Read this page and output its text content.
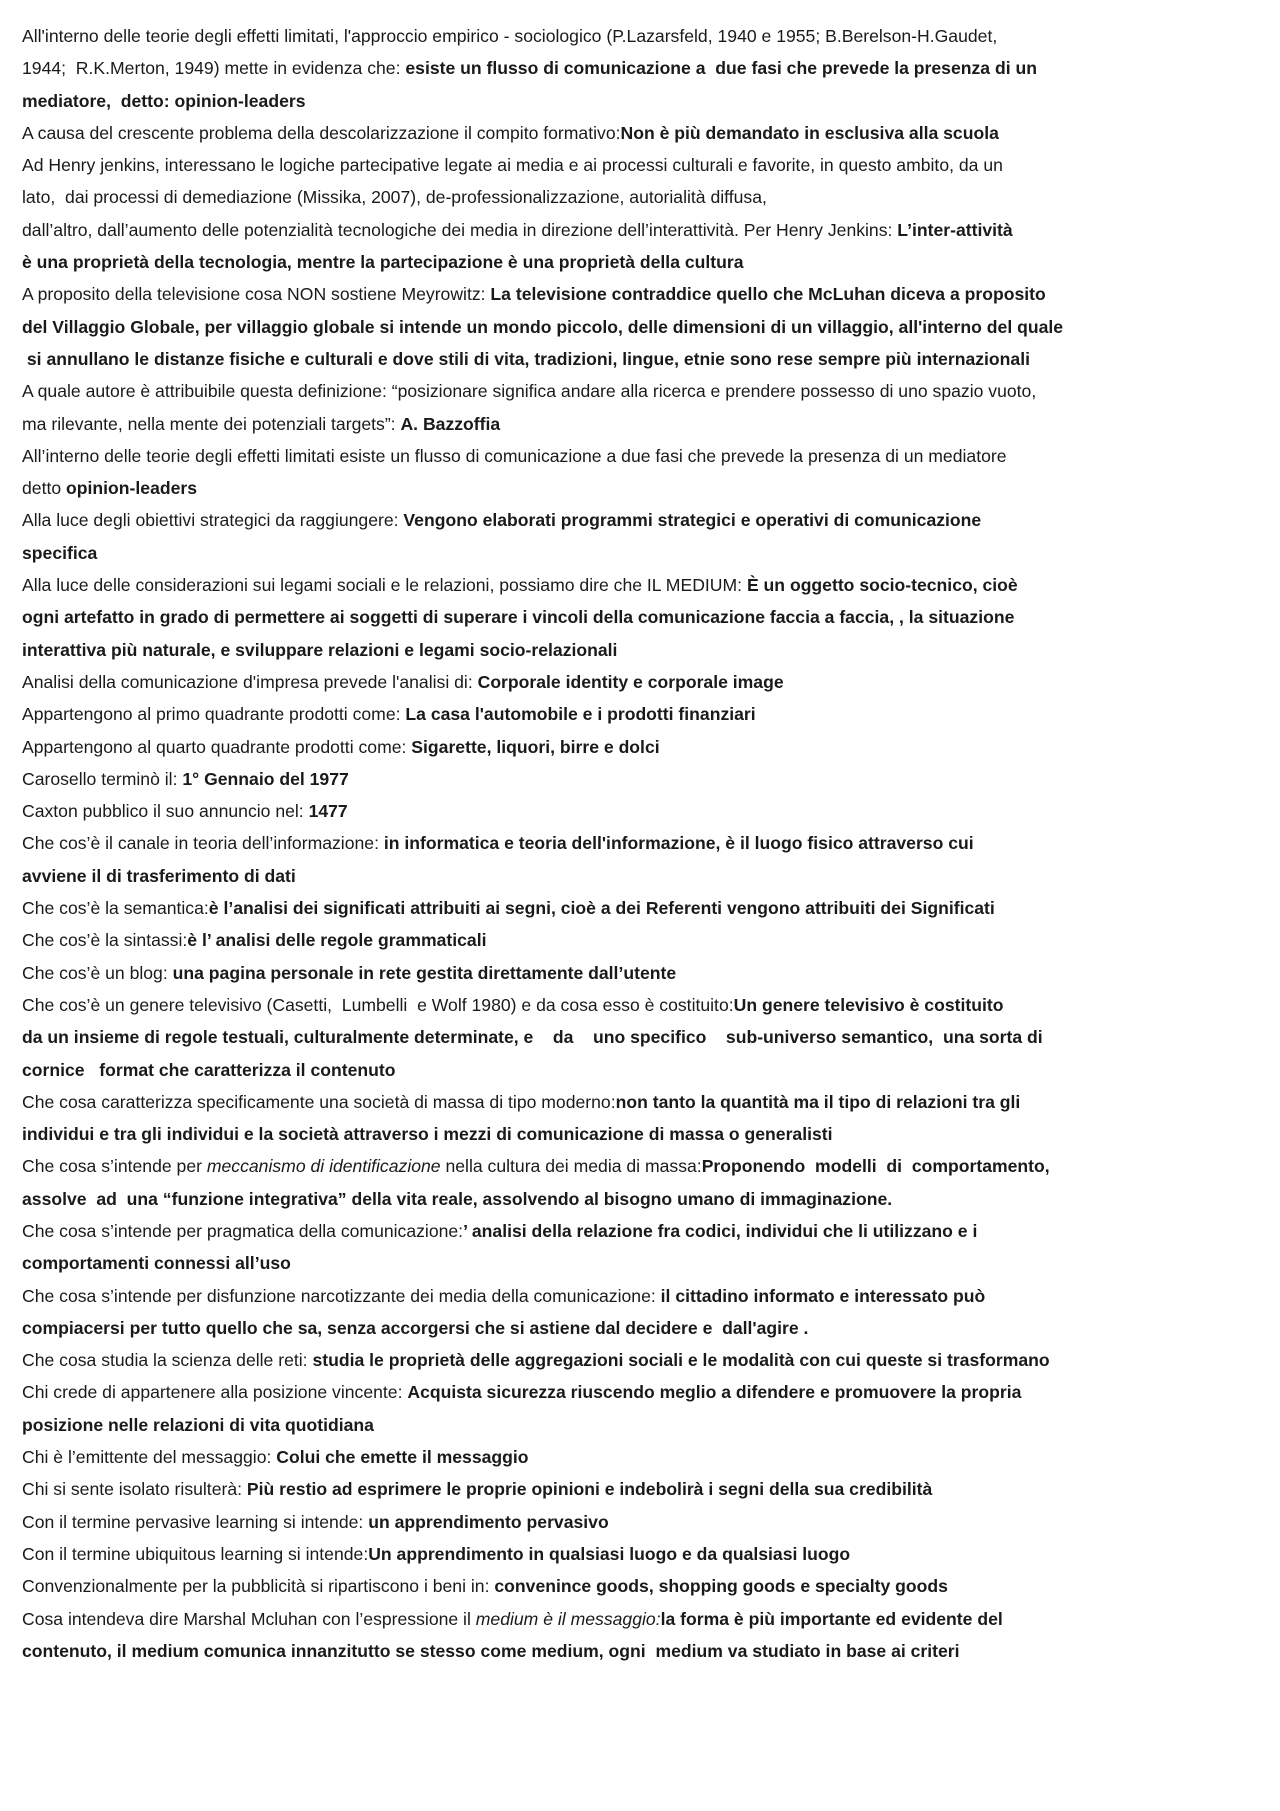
All'interno delle teorie degli effetti limitati, l'approccio empirico - sociologico (P.Lazarsfeld, 1940 e 1955; B.Berelson-H.Gaudet,
1944;  R.K.Merton, 1949) mette in evidenza che: esiste un flusso di comunicazione a  due fasi che prevede la presenza di un
mediatore,  detto: opinion-leaders
A causa del crescente problema della descolarizzazione il compito formativo:Non è più demandato in esclusiva alla scuola
Ad Henry jenkins, interessano le logiche partecipative legate ai media e ai processi culturali e favorite, in questo ambito, da un
lato,  dai processi di demediazione (Missika, 2007), de-professionalizzazione, autorialità diffusa,
dall’altro, dall’aumento delle potenzialità tecnologiche dei media in direzione dell’interattività. Per Henry Jenkins: L’inter-attività
è una proprietà della tecnologia, mentre la partecipazione è una proprietà della cultura
A proposito della televisione cosa NON sostiene Meyrowitz: La televisione contraddice quello che McLuhan diceva a proposito
del Villaggio Globale, per villaggio globale si intende un mondo piccolo, delle dimensioni di un villaggio, all'interno del quale
si annullano le distanze fisiche e culturali e dove stili di vita, tradizioni, lingue, etnie sono rese sempre più internazionali
A quale autore è attribuibile questa definizione: “posizionare significa andare alla ricerca e prendere possesso di uno spazio vuoto,
ma rilevante, nella mente dei potenziali targets”: A. Bazzoffia
All’interno delle teorie degli effetti limitati esiste un flusso di comunicazione a due fasi che prevede la presenza di un mediatore
detto opinion-leaders
Alla luce degli obiettivi strategici da raggiungere: Vengono elaborati programmi strategici e operativi di comunicazione
specifica
Alla luce delle considerazioni sui legami sociali e le relazioni, possiamo dire che IL MEDIUM: È un oggetto socio-tecnico, cioè
ogni artefatto in grado di permettere ai soggetti di superare i vincoli della comunicazione faccia a faccia, , la situazione
interattiva più naturale, e sviluppare relazioni e legami socio-relazionali
Analisi della comunicazione d'impresa prevede l'analisi di: Corporale identity e corporale image
Appartengono al primo quadrante prodotti come: La casa l'automobile e i prodotti finanziari
Appartengono al quarto quadrante prodotti come: Sigarette, liquori, birre e dolci
Carosello terminò il: 1° Gennaio del 1977
Caxton pubblico il suo annuncio nel: 1477
Che cos’è il canale in teoria dell’informazione: in informatica e teoria dell'informazione, è il luogo fisico attraverso cui
avviene il di trasferimento di dati
Che cos’è la semantica:è l’analisi dei significati attribuiti ai segni, cioè a dei Referenti vengono attribuiti dei Significati
Che cos’è la sintassi:è l’ analisi delle regole grammaticali
Che cos’è un blog: una pagina personale in rete gestita direttamente dall’utente
Che cos’è un genere televisivo (Casetti,  Lumbelli  e Wolf 1980) e da cosa esso è costituito:Un genere televisivo è costituito
da un insieme di regole testuali, culturalmente determinate, e    da    uno specifico    sub-universo semantico,  una sorta di
cornice   format che caratterizza il contenuto
Che cosa caratterizza specificamente una società di massa di tipo moderno:non tanto la quantità ma il tipo di relazioni tra gli
individui e tra gli individui e la società attraverso i mezzi di comunicazione di massa o generalisti
Che cosa s’intende per meccanismo di identificazione nella cultura dei media di massa:Proponendo  modelli  di  comportamento,
assolve  ad  una “funzione integrativa” della vita reale, assolvendo al bisogno umano di immaginazione.
Che cosa s’intende per pragmatica della comunicazione:’ analisi della relazione fra codici, individui che li utilizzano e i
comportamenti connessi all’uso
Che cosa s’intende per disfunzione narcotizzante dei media della comunicazione: il cittadino informato e interessato può
compiacersi per tutto quello che sa, senza accorgersi che si astiene dal decidere e  dall'agire .
Che cosa studia la scienza delle reti: studia le proprietà delle aggregazioni sociali e le modalità con cui queste si trasformano
Chi crede di appartenere alla posizione vincente: Acquista sicurezza riuscendo meglio a difendere e promuovere la propria
posizione nelle relazioni di vita quotidiana
Chi è l’emittente del messaggio: Colui che emette il messaggio
Chi si sente isolato risulterà: Più restio ad esprimere le proprie opinioni e indebolirà i segni della sua credibilità
Con il termine pervasive learning si intende: un apprendimento pervasivo
Con il termine ubiquitous learning si intende:Un apprendimento in qualsiasi luogo e da qualsiasi luogo
Convenzionalmente per la pubblicità si ripartiscono i beni in: convenince goods, shopping goods e specialty goods
Cosa intendeva dire Marshal Mcluhan con l’espressione il medium è il messaggio:la forma è più importante ed evidente del
contenuto, il medium comunica innanzitutto se stesso come medium, ogni  medium va studiato in base ai criteri
